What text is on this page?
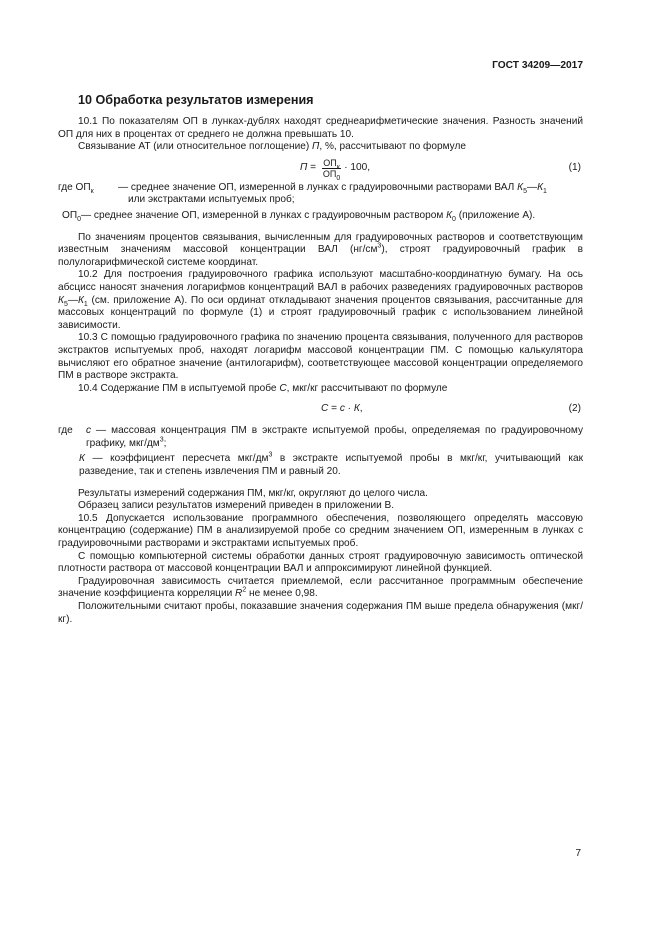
ГОСТ 34209—2017
10 Обработка результатов измерения

10.1 По показателям ОП в лунках-дублях находят среднеарифметические значения. Разность значений ОП для них в процентах от среднего не должна превышать 10.

Связывание АТ (или относительное поглощение) П, %, рассчитывают по формуле

$П = \frac{ОП_к}{ОП_0} \cdot 100$,	(1)
где $ОП_к$	— среднее значение ОП, измеренной в лунках с градуировочными растворами ВАЛ $К_5—К_1$
или экстрактами испытуемых проб;
$ОП_0$ — среднее значение ОП, измеренной в лунках с градуировочным раствором $К_0$ (приложение А).

По значениям процентов связывания, вычисленным для градуировочных растворов и соответствующим известным значениям массовой концентрации ВАЛ $(нг/см^3)$, строят градуировочный график в полулогарифмической системе координат.

10.2 Для построения градуировочного графика используют масштабно-координатную бумагу. На ось абсцисс наносят значения логарифмов концентраций ВАЛ в рабочих разведениях градуировочных растворов $К_5—К_1$ (см. приложение А). По оси ординат откладывают значения процентов связывания, рассчитанные для массовых концентраций по формуле (1) и строят градуировочный график с использованием линейной зависимости.

10.3 С помощью градуировочного графика по значению процента связывания, полученного для растворов экстрактов испытуемых проб, находят логарифм массовой концентрации ПМ. С помощью калькулятора вычисляют его обратное значение (антилогарифм), соответствующее массовой концентрации определяемого ПМ в растворе экстракта.

10.4 Содержание ПМ в испытуемой пробе С, мкг/кг рассчитывают по формуле

С = с · К,	(2)
где	с — массовая концентрация ПМ в экстракте испытуемой пробы, определяемая по градуировочному графику, мкг/$дм^3$;
К — коэффициент пересчета мкг/$дм^3$ в экстракте испытуемой пробы в мкг/кг, учитывающий как разведение, так и степень извлечения ПМ и равный 20.

Результаты измерений содержания ПМ, мкг/кг, округляют до целого числа.

Образец записи результатов измерений приведен в приложении В.

10.5 Допускается использование программного обеспечения, позволяющего определять массовую концентрацию (содержание) ПМ в анализируемой пробе со средним значением ОП, измеренным в лунках с градуировочными растворами и экстрактами испытуемых проб.

С помощью компьютерной системы обработки данных строят градуировочную зависимость оптической плотности раствора от массовой концентрации ВАЛ и аппроксимируют линейной функцией.

Градуировочная зависимость считается приемлемой, если рассчитанное программным обеспечение значение коэффициента корреляции $R^2$ не менее 0,98.

Положительными считают пробы, показавшие значения содержания ПМ выше предела обнаружения (мкг/кг).

7
